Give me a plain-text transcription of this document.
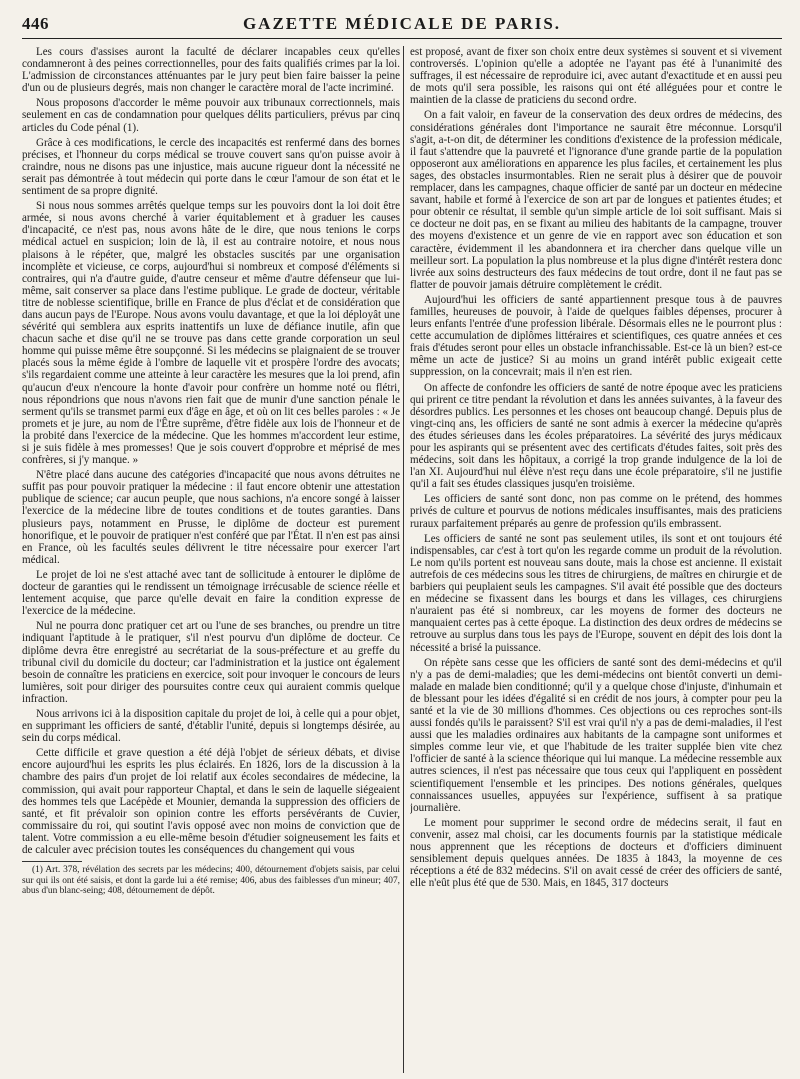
446	GAZETTE MÉDICALE DE PARIS.

Les cours d'assises auront la faculté de déclarer incapables ceux qu'elles condamneront à des peines correctionnelles, pour des faits qualifiés crimes par la loi. L'admission de circonstances atténuantes par le jury peut bien faire baisser la peine d'un ou de plusieurs degrés, mais non changer le caractère moral de l'acte incriminé.

Nous proposons d'accorder le même pouvoir aux tribunaux correctionnels, mais seulement en cas de condamnation pour quelques délits particuliers, prévus par cinq articles du Code pénal (1).

Grâce à ces modifications, le cercle des incapacités est renfermé dans des bornes précises, et l'honneur du corps médical se trouve couvert sans qu'on puisse avoir à craindre, nous ne disons pas une injustice, mais aucune rigueur dont la nécessité ne serait pas démontrée à tout médecin qui porte dans le cœur l'amour de son état et le sentiment de sa propre dignité.

Si nous nous sommes arrêtés quelque temps sur les pouvoirs dont la loi doit être armée, si nous avons cherché à varier équitablement et à graduer les causes d'incapacité, ce n'est pas, nous avons hâte de le dire, que nous tenions le corps médical actuel en suspicion; loin de là, il est au contraire notoire, et nous nous plaisons à le répéter, que, malgré les obstacles suscités par une organisation incomplète et vicieuse, ce corps, aujourd'hui si nombreux et composé d'éléments si contraires, qui n'a d'autre guide, d'autre censeur et même d'autre défenseur que lui-même, sait conserver sa place dans l'estime publique. Le grade de docteur, véritable titre de noblesse scientifique, brille en France de plus d'éclat et de considération que dans aucun pays de l'Europe. Nous avons voulu davantage, et que la loi déployât une sévérité qui semblera aux esprits inattentifs un luxe de défiance inutile, afin que chacun sache et dise qu'il ne se trouve pas dans cette grande corporation un seul homme qui puisse même être soupçonné. Si les médecins se plaignaient de se trouver placés sous la même égide à l'ombre de laquelle vit et prospère l'ordre des avocats; s'ils regardaient comme une atteinte à leur caractère les mesures que la loi prend, afin qu'aucun d'eux n'encoure la honte d'avoir pour confrère un homme noté ou flétri, nous répondrions que nous n'avons rien fait que de munir d'une sanction pénale le serment qu'ils se transmet parmi eux d'âge en âge, et où on lit ces belles paroles : « Je promets et je jure, au nom de l'Être suprême, d'être fidèle aux lois de l'honneur et de la probité dans l'exercice de la médecine. Que les hommes m'accordent leur estime, si je suis fidèle à mes promesses! Que je sois couvert d'opprobre et méprisé de mes confrères, si j'y manque. »

N'être placé dans aucune des catégories d'incapacité que nous avons détruites ne suffit pas pour pouvoir pratiquer la médecine : il faut encore obtenir une attestation publique de science; car aucun peuple, que nous sachions, n'a encore songé à laisser l'exercice de la médecine libre de toutes conditions et de toutes garanties. Dans plusieurs pays, notamment en Prusse, le diplôme de docteur est purement honorifique, et le pouvoir de pratiquer n'est conféré que par l'État. Il n'en est pas ainsi en France, où les facultés seules délivrent le titre nécessaire pour exercer l'art médical.

Le projet de loi ne s'est attaché avec tant de sollicitude à entourer le diplôme de docteur de garanties qui le rendissent un témoignage irrécusable de science réelle et lentement acquise, que parce qu'elle devait en faire la condition expresse de l'exercice de la médecine.

Nul ne pourra donc pratiquer cet art ou l'une de ses branches, ou prendre un titre indiquant l'aptitude à le pratiquer, s'il n'est pourvu d'un diplôme de docteur. Ce diplôme devra être enregistré au secrétariat de la sous-préfecture et au greffe du tribunal civil du domicile du docteur; car l'administration et la justice ont également besoin de connaître les praticiens en exercice, soit pour invoquer le concours de leurs lumières, soit pour diriger des poursuites contre ceux qui auraient commis quelque infraction.

Nous arrivons ici à la disposition capitale du projet de loi, à celle qui a pour objet, en supprimant les officiers de santé, d'établir l'unité, depuis si longtemps désirée, au sein du corps médical.

Cette difficile et grave question a été déjà l'objet de sérieux débats, et divise encore aujourd'hui les esprits les plus éclairés. En 1826, lors de la discussion à la chambre des pairs d'un projet de loi relatif aux écoles secondaires de médecine, la commission, qui avait pour rapporteur Chaptal, et dans le sein de laquelle siégeaient des hommes tels que Lacépède et Mounier, demanda la suppression des officiers de santé, et fit prévaloir son opinion contre les efforts persévérants de Cuvier, commissaire du roi, qui soutint l'avis opposé avec non moins de conviction que de talent. Votre commission a eu elle-même besoin d'étudier soigneusement les faits et de calculer avec précision toutes les conséquences du changement qui vous

(1) Art. 378, révélation des secrets par les médecins; 400, détournement d'objets saisis, par celui sur qui ils ont été saisis, et dont la garde lui a été remise; 406, abus des faiblesses d'un mineur; 407, abus d'un blanc-seing; 408, détournement de dépôt.

est proposé, avant de fixer son choix entre deux systèmes si souvent et si vivement controversés. L'opinion qu'elle a adoptée ne l'ayant pas été à l'unanimité des suffrages, il est nécessaire de reproduire ici, avec autant d'exactitude et en aussi peu de mots qu'il sera possible, les raisons qui ont été alléguées pour et contre le maintien de la classe de praticiens du second ordre.

On a fait valoir, en faveur de la conservation des deux ordres de médecins, des considérations générales dont l'importance ne saurait être méconnue. Lorsqu'il s'agit, a-t-on dit, de déterminer les conditions d'existence de la profession médicale, il faut s'attendre que la pauvreté et l'ignorance d'une grande partie de la population opposeront aux améliorations en apparence les plus faciles, et certainement les plus sages, des obstacles insurmontables. Rien ne serait plus à désirer que de pouvoir remplacer, dans les campagnes, chaque officier de santé par un docteur en médecine savant, habile et formé à l'exercice de son art par de longues et patientes études; et pour obtenir ce résultat, il semble qu'un simple article de loi soit suffisant. Mais si ce docteur ne doit pas, en se fixant au milieu des habitants de la campagne, trouver des moyens d'existence et un genre de vie en rapport avec son éducation et son caractère, évidemment il les abandonnera et ira chercher dans quelque ville un meilleur sort. La population la plus nombreuse et la plus digne d'intérêt restera donc livrée aux soins destructeurs des faux médecins de tout ordre, dont il ne faut pas se flatter de pouvoir jamais détruire complètement le crédit.

Aujourd'hui les officiers de santé appartiennent presque tous à de pauvres familles, heureuses de pouvoir, à l'aide de quelques faibles dépenses, procurer à leurs enfants l'entrée d'une profession libérale. Désormais elles ne le pourront plus : cette accumulation de diplômes littéraires et scientifiques, ces quatre années et ces frais d'études seront pour elles un obstacle infranchissable. Est-ce là un bien? est-ce même un acte de justice? Si au moins un grand intérêt public exigeait cette suppression, on la concevrait; mais il n'en est rien.

On affecte de confondre les officiers de santé de notre époque avec les praticiens qui prirent ce titre pendant la révolution et dans les années suivantes, à la faveur des désordres publics. Les personnes et les choses ont beaucoup changé. Depuis plus de vingt-cinq ans, les officiers de santé ne sont admis à exercer la médecine qu'après des études sérieuses dans les écoles préparatoires. La sévérité des jurys médicaux pour les aspirants qui se présentent avec des certificats d'études faites, soit près des médecins, soit dans les hôpitaux, a corrigé la trop grande indulgence de la loi de l'an XI. Aujourd'hui nul élève n'est reçu dans une école préparatoire, s'il ne justifie qu'il a fait ses études classiques jusqu'en troisième.

Les officiers de santé sont donc, non pas comme on le prétend, des hommes privés de culture et pourvus de notions médicales insuffisantes, mais des praticiens ruraux parfaitement préparés au genre de profession qu'ils embrassent.

Les officiers de santé ne sont pas seulement utiles, ils sont et ont toujours été indispensables, car c'est à tort qu'on les regarde comme un produit de la révolution. Le nom qu'ils portent est nouveau sans doute, mais la chose est ancienne. Il existait autrefois de ces médecins sous les titres de chirurgiens, de maîtres en chirurgie et de barbiers qui peuplaient seuls les campagnes. S'il avait été possible que des docteurs en médecine se fixassent dans les bourgs et dans les villages, ces chirurgiens n'auraient pas été si nombreux, car les moyens de former des docteurs ne manquaient certes pas à cette époque. La distinction des deux ordres de médecins se retrouve au surplus dans tous les pays de l'Europe, souvent en dépit des lois dont la nécessité a brisé la puissance.

On répète sans cesse que les officiers de santé sont des demi-médecins et qu'il n'y a pas de demi-maladies; que les demi-médecins ont bientôt converti un demi-malade en malade bien conditionné; qu'il y a quelque chose d'injuste, d'inhumain et de blessant pour les idées d'égalité si en crédit de nos jours, à compter pour peu la santé et la vie de 30 millions d'hommes. Ces objections ou ces reproches sont-ils aussi fondés qu'ils le paraissent? S'il est vrai qu'il n'y a pas de demi-maladies, il l'est aussi que les maladies ordinaires aux habitants de la campagne sont uniformes et simples comme leur vie, et que l'habitude de les traiter supplée bien vite chez l'officier de santé à la science théorique qui lui manque. La médecine ressemble aux autres sciences, il n'est pas nécessaire que tous ceux qui l'appliquent en possèdent scientifiquement l'ensemble et les principes. Des notions générales, quelques connaissances usuelles, appuyées sur l'expérience, suffisent à sa pratique journalière.

Le moment pour supprimer le second ordre de médecins serait, il faut en convenir, assez mal choisi, car les documents fournis par la statistique médicale nous apprennent que les réceptions de docteurs et d'officiers diminuent sensiblement depuis quelques années. De 1835 à 1843, la moyenne de ces réceptions a été de 832 médecins. S'il on avait cessé de créer des officiers de santé, elle n'eût plus été que de 530. Mais, en 1845, 317 docteurs
